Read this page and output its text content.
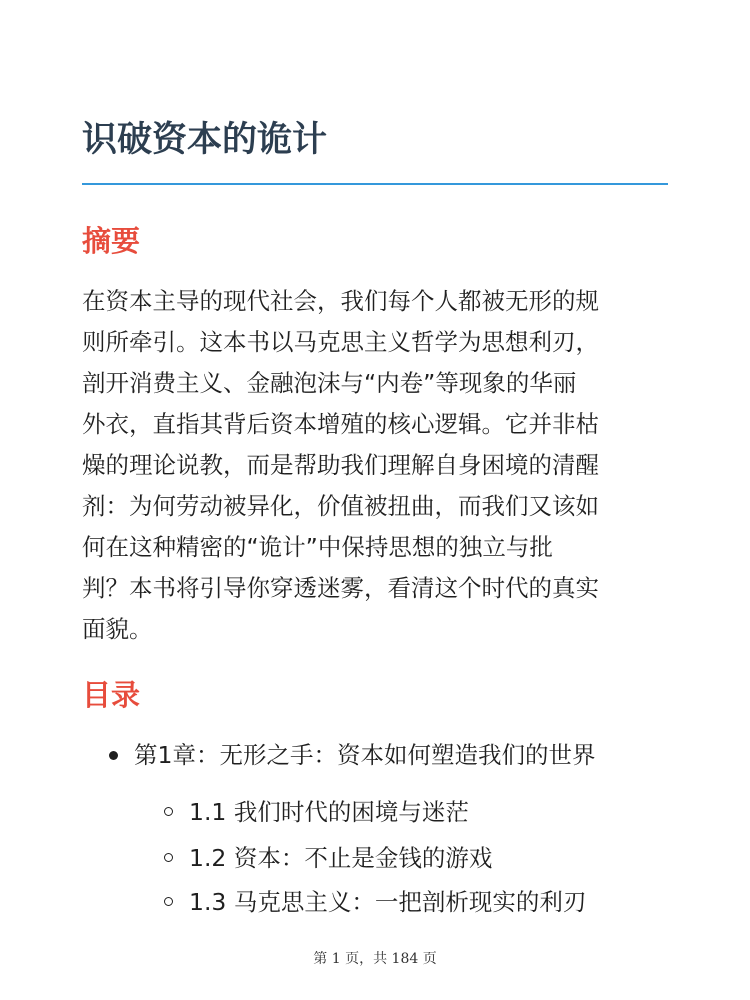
识破资本的诡计
摘要

在资本主导的现代社会，我们每个人都被无形的规
则所牵引。这本书以马克思主义哲学为思想利刃，
剖开消费主义、金融泡沫与“内卷”等现象的华丽
外衣，直指其背后资本增殖的核心逻辑。它并非枯
燥的理论说教，而是帮助我们理解自身困境的清醒
剂：为何劳动被异化，价值被扭曲，而我们又该如
何在这种精密的“诡计”中保持思想的独立与批
判？本书将引导你穿透迷雾，看清这个时代的真实
面貌。

目录
第1章：无形之手：资本如何塑造我们的世界
1.1 我们时代的困境与迷茫
1.2 资本：不止是金钱的游戏
1.3 马克思主义：一把剖析现实的利刃
第 1 页，共 184 页
